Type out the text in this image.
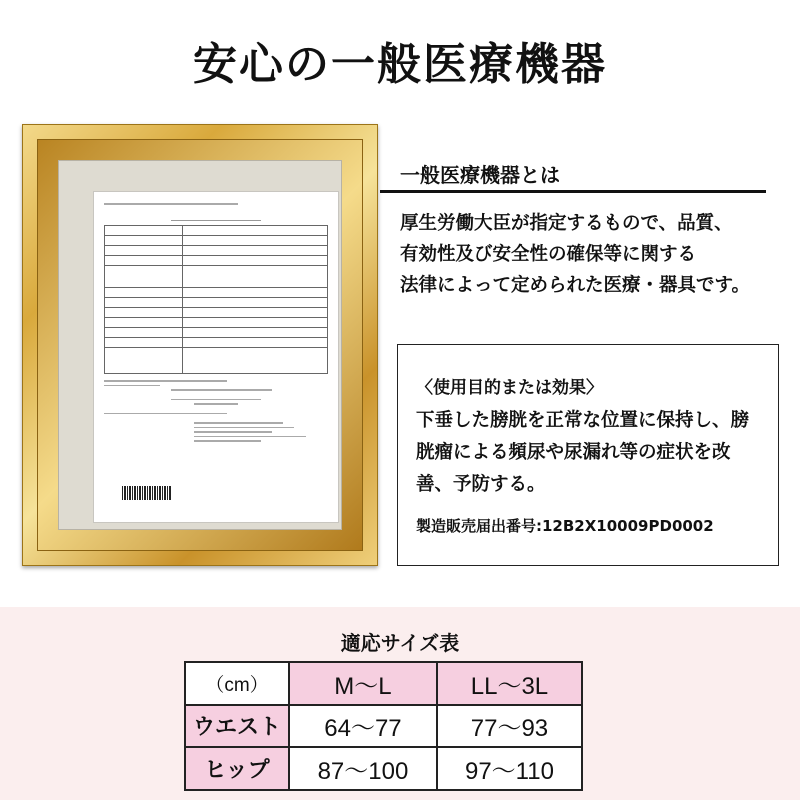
安心の一般医療機器

一般医療機器とは
厚生労働大臣が指定するもので、品質、
有効性及び安全性の確保等に関する
法律によって定められた医療・器具です。
〈使用目的または効果〉
下垂した膀胱を正常な位置に保持し、膀
胱瘤による頻尿や尿漏れ等の症状を改
善、予防する。
製造販売届出番号:12B2X10009PD0002
適応サイズ表
（cm）	M～L	LL～3L
ウエスト	64～77	77～93
ヒップ	87～100	97～110
